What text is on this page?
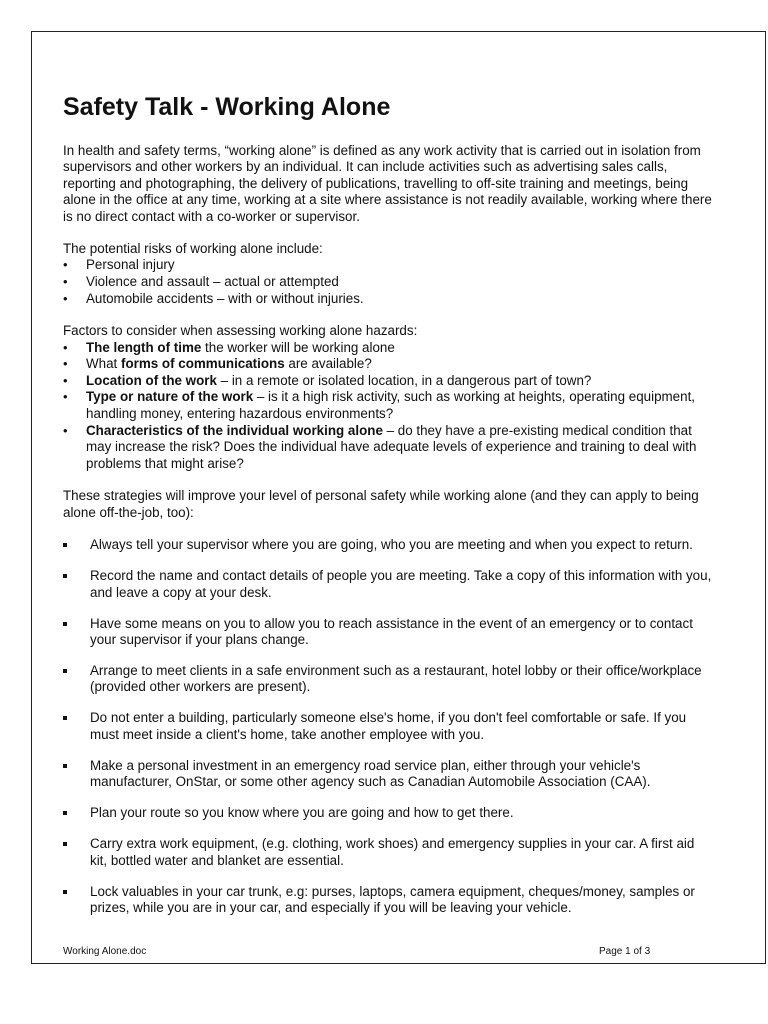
Safety Talk - Working Alone

In health and safety terms, “working alone” is defined as any work activity that is carried out in isolation from supervisors and other workers by an individual. It can include activities such as advertising sales calls, reporting and photographing, the delivery of publications, travelling to off-site training and meetings, being alone in the office at any time, working at a site where assistance is not readily available, working where there is no direct contact with a co-worker or supervisor.

The potential risks of working alone include:

• Personal injury
• Violence and assault – actual or attempted
• Automobile accidents – with or without injuries.

Factors to consider when assessing working alone hazards:

• The length of time the worker will be working alone
• What forms of communications are available?
• Location of the work – in a remote or isolated location, in a dangerous part of town?
• Type or nature of the work – is it a high risk activity, such as working at heights, operating equipment, handling money, entering hazardous environments?
• Characteristics of the individual working alone – do they have a pre-existing medical condition that may increase the risk? Does the individual have adequate levels of experience and training to deal with problems that might arise?

These strategies will improve your level of personal safety while working alone (and they can apply to being alone off-the-job, too):

Always tell your supervisor where you are going, who you are meeting and when you expect to return.
Record the name and contact details of people you are meeting. Take a copy of this information with you, and leave a copy at your desk.
Have some means on you to allow you to reach assistance in the event of an emergency or to contact your supervisor if your plans change.
Arrange to meet clients in a safe environment such as a restaurant, hotel lobby or their office/workplace (provided other workers are present).
Do not enter a building, particularly someone else's home, if you don't feel comfortable or safe. If you must meet inside a client's home, take another employee with you.
Make a personal investment in an emergency road service plan, either through your vehicle's manufacturer, OnStar, or some other agency such as Canadian Automobile Association (CAA).
Plan your route so you know where you are going and how to get there.
Carry extra work equipment, (e.g. clothing, work shoes) and emergency supplies in your car. A first aid kit, bottled water and blanket are essential.
Lock valuables in your car trunk, e.g: purses, laptops, camera equipment, cheques/money, samples or prizes, while you are in your car, and especially if you will be leaving your vehicle.
Working Alone.doc	Page 1 of 3
